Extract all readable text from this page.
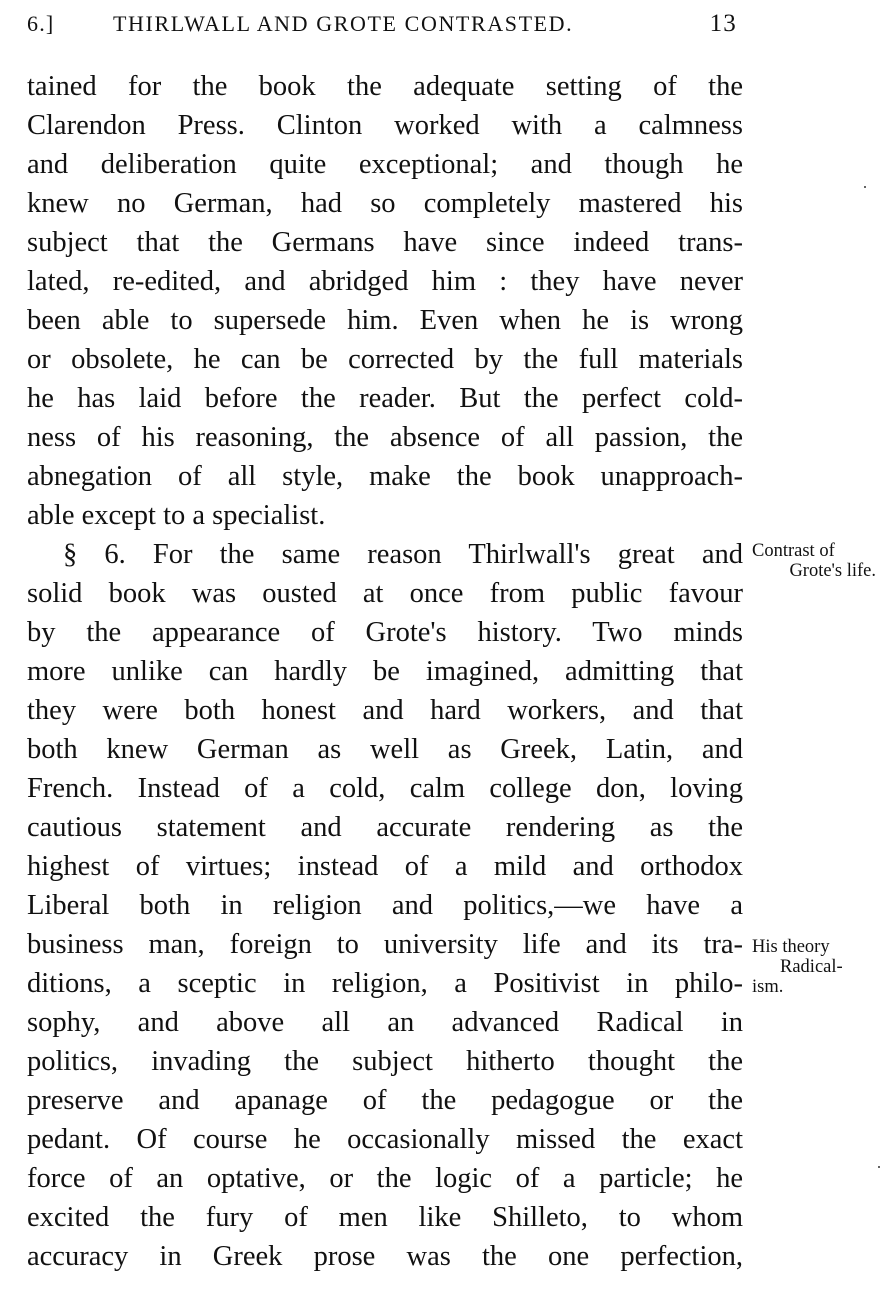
6.]	THIRLWALL AND GROTE CONTRASTED.	13
tained for the book the adequate setting of the
Clarendon Press. Clinton worked with a calmness
and deliberation quite exceptional; and though he
knew no German, had so completely mastered his
subject that the Germans have since indeed trans-
lated, re-edited, and abridged him : they have never
been able to supersede him. Even when he is wrong
or obsolete, he can be corrected by the full materials
he has laid before the reader. But the perfect cold-
ness of his reasoning, the absence of all passion, the
abnegation of all style, make the book unapproach-
able except to a specialist.
§ 6. For the same reason Thirlwall's great and
solid book was ousted at once from public favour
by the appearance of Grote's history. Two minds
more unlike can hardly be imagined, admitting that
they were both honest and hard workers, and that
both knew German as well as Greek, Latin, and
French. Instead of a cold, calm college don, loving
cautious statement and accurate rendering as the
highest of virtues; instead of a mild and orthodox
Liberal both in religion and politics,—we have a
business man, foreign to university life and its tra-
ditions, a sceptic in religion, a Positivist in philo-
sophy, and above all an advanced Radical in
politics, invading the subject hitherto thought the
preserve and apanage of the pedagogue or the
pedant. Of course he occasionally missed the exact
force of an optative, or the logic of a particle; he
excited the fury of men like Shilleto, to whom
accuracy in Greek prose was the one perfection,
Contrast of
Grote's life.
His theory
Radical-
ism.
